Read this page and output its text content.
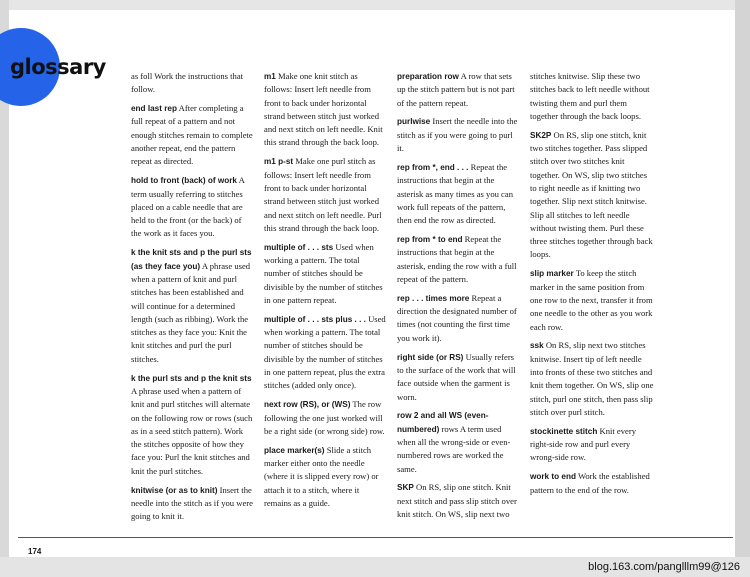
glossary	as foll Work the instructions that follow.

end last rep After completing a full repeat of a pattern and not enough stitches remain to complete another repeat, end the pattern repeat as directed.

hold to front (back) of work A term usually referring to stitches placed on a cable needle that are held to the front (or the back) of the work as it faces you.

k the knit sts and p the purl sts (as they face you) A phrase used when a pattern of knit and purl stitches has been established and will continue for a determined length (such as ribbing). Work the stitches as they face you: Knit the knit stitches and purl the purl stitches.

k the purl sts and p the knit sts A phrase used when a pattern of knit and purl stitches will alternate on the following row or rows (such as in a seed stitch pattern). Work the stitches opposite of how they face you: Purl the knit stitches and knit the purl stitches.

knitwise (or as to knit) Insert the needle into the stitch as if you were going to knit it.

m1 Make one knit stitch as follows: Insert left needle from front to back under horizontal strand between stitch just worked and next stitch on left needle. Knit this strand through the back loop.

m1 p-st Make one purl stitch as follows: Insert left needle from front to back under horizontal strand between stitch just worked and next stitch on left needle. Purl this strand through the back loop.

multiple of . . . sts Used when working a pattern. The total number of stitches should be divisible by the number of stitches in one pattern repeat.

multiple of . . . sts plus . . . Used when working a pattern. The total number of stitches should be divisible by the number of stitches in one pattern repeat, plus the extra stitches (added only once).

next row (RS), or (WS) The row following the one just worked will be a right side (or wrong side) row.

place marker(s) Slide a stitch marker either onto the needle (where it is slipped every row) or attach it to a stitch, where it remains as a guide.

preparation row A row that sets up the stitch pattern but is not part of the pattern repeat.

purlwise Insert the needle into the stitch as if you were going to purl it.

rep from *, end . . . Repeat the instructions that begin at the asterisk as many times as you can work full repeats of the pattern, then end the row as directed.

rep from * to end Repeat the instructions that begin at the asterisk, ending the row with a full repeat of the pattern.

rep . . . times more Repeat a direction the designated number of times (not counting the first time you work it).

right side (or RS) Usually refers to the surface of the work that will face outside when the garment is worn.

row 2 and all WS (even-numbered) rows A term used when all the wrong-side or even-numbered rows are worked the same.

SKP On RS, slip one stitch. Knit next stitch and pass slip stitch over knit stitch. On WS, slip next two

stitches knitwise. Slip these two stitches back to left needle without twisting them and purl them together through the back loops.

SK2P On RS, slip one stitch, knit two stitches together. Pass slipped stitch over two stitches knit together. On WS, slip two stitches to right needle as if knitting two together. Slip next stitch knitwise. Slip all stitches to left needle without twisting them. Purl these three stitches together through back loops.

slip marker To keep the stitch marker in the same position from one row to the next, transfer it from one needle to the other as you work each row.

ssk On RS, slip next two stitches knitwise. Insert tip of left needle into fronts of these two stitches and knit them together. On WS, slip one stitch, purl one stitch, then pass slip stitch over purl stitch.

stockinette stitch Knit every right-side row and purl every wrong-side row.

work to end Work the established pattern to the end of the row.

174
blog.163.com/panglllm99@126
